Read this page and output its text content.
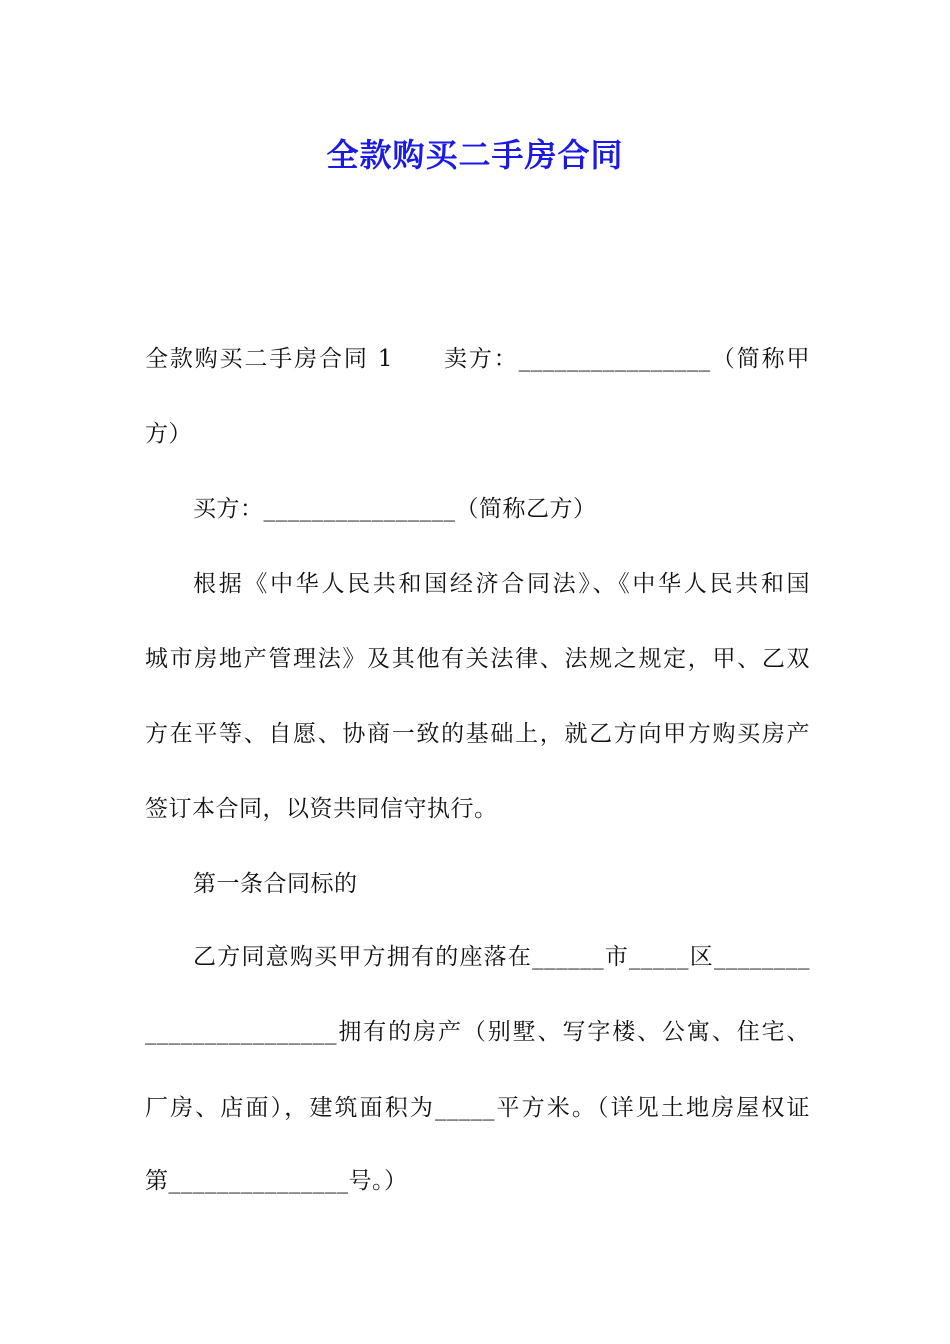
全款购买二手房合同
全款购买二手房合同 1　　卖方：________________（简称甲
方）
买方：________________（简称乙方）
根据《中华人民共和国经济合同法》、《中华人民共和国
城市房地产管理法》及其他有关法律、法规之规定，甲、乙双
方在平等、自愿、协商一致的基础上，就乙方向甲方购买房产
签订本合同，以资共同信守执行。
第一条合同标的
乙方同意购买甲方拥有的座落在______市_____区________
________________拥有的房产（别墅、写字楼、公寓、住宅、
厂房、店面），建筑面积为_____平方米。（详见土地房屋权证
第_______________号。）
